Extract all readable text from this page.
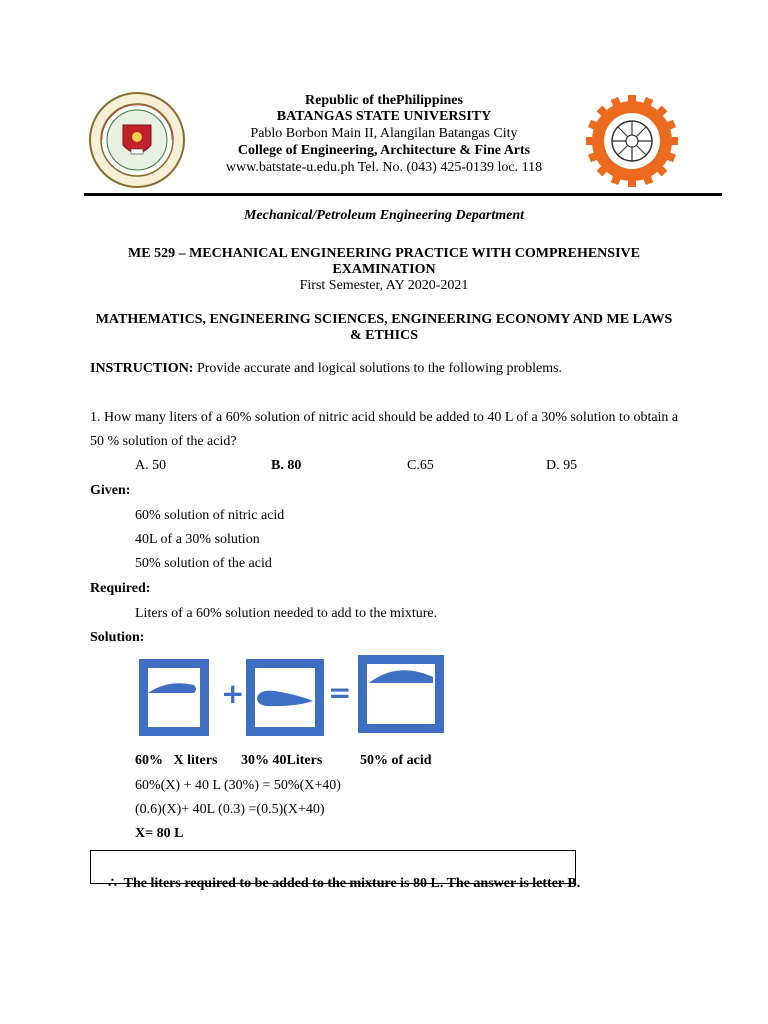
Republic of thePhilippines
BATANGAS STATE UNIVERSITY
Pablo Borbon Main II, Alangilan Batangas City
College of Engineering, Architecture & Fine Arts
www.batstate-u.edu.ph Tel. No. (043) 425-0139 loc. 118
Mechanical/Petroleum Engineering Department
ME 529 – MECHANICAL ENGINEERING PRACTICE WITH COMPREHENSIVE
EXAMINATION
First Semester, AY 2020-2021
MATHEMATICS, ENGINEERING SCIENCES, ENGINEERING ECONOMY AND ME LAWS
& ETHICS
INSTRUCTION: Provide accurate and logical solutions to the following problems.
1. How many liters of a 60% solution of nitric acid should be added to 40 L of a 30% solution to obtain a
50 % solution of the acid?
A. 50	B. 80	C.65	D. 95
Given:
60% solution of nitric acid
40L of a 30% solution
50% solution of the acid
Required:
Liters of a 60% solution needed to add to the mixture.
Solution:
+	=
60%   X liters 30% 40Liters	50% of acid
60%(X) + 40 L (30%) = 50%(X+40)
(0.6)(X)+ 40L (0.3) =(0.5)(X+40)
X= 80 L

∴  The liters required to be added to the mixture is 80 L. The answer is letter B.
